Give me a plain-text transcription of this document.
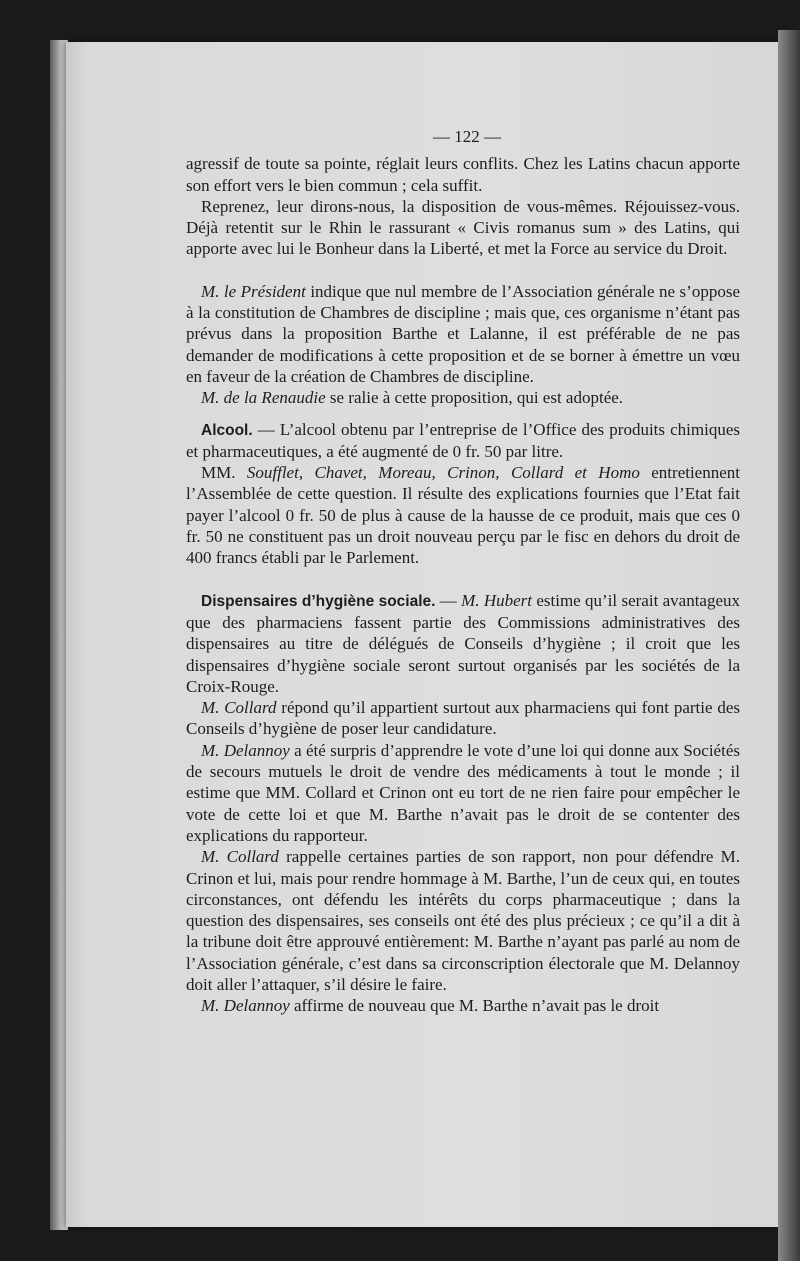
— 122 —

agressif de toute sa pointe, réglait leurs conflits. Chez les Latins chacun apporte son effort vers le bien commun ; cela suffit.

Reprenez, leur dirons-nous, la disposition de vous-mêmes. Réjouissez-vous. Déjà retentit sur le Rhin le rassurant « Civis romanus sum » des Latins, qui apporte avec lui le Bonheur dans la Liberté, et met la Force au service du Droit.

M. le Président indique que nul membre de l’Association générale ne s’oppose à la constitution de Chambres de discipline ; mais que, ces organisme n’étant pas prévus dans la proposition Barthe et Lalanne, il est préférable de ne pas demander de modifications à cette proposition et de se borner à émettre un vœu en faveur de la création de Chambres de discipline.

M. de la Renaudie se ralie à cette proposition, qui est adoptée.

Alcool. — L’alcool obtenu par l’entreprise de l’Office des produits chimiques et pharmaceutiques, a été augmenté de 0 fr. 50 par litre.

MM. Soufflet, Chavet, Moreau, Crinon, Collard et Homo entretiennent l’Assemblée de cette question. Il résulte des explications fournies que l’Etat fait payer l’alcool 0 fr. 50 de plus à cause de la hausse de ce produit, mais que ces 0 fr. 50 ne constituent pas un droit nouveau perçu par le fisc en dehors du droit de 400 francs établi par le Parlement.

Dispensaires d’hygiène sociale. — M. Hubert estime qu’il serait avantageux que des pharmaciens fassent partie des Commissions administratives des dispensaires au titre de délégués de Conseils d’hygiène ; il croit que les dispensaires d’hygiène sociale seront surtout organisés par les sociétés de la Croix-Rouge.

M. Collard répond qu’il appartient surtout aux pharmaciens qui font partie des Conseils d’hygiène de poser leur candidature.

M. Delannoy a été surpris d’apprendre le vote d’une loi qui donne aux Sociétés de secours mutuels le droit de vendre des médicaments à tout le monde ; il estime que MM. Collard et Crinon ont eu tort de ne rien faire pour empêcher le vote de cette loi et que M. Barthe n’avait pas le droit de se contenter des explications du rapporteur.

M. Collard rappelle certaines parties de son rapport, non pour défendre M. Crinon et lui, mais pour rendre hommage à M. Barthe, l’un de ceux qui, en toutes circonstances, ont défendu les intérêts du corps pharmaceutique ; dans la question des dispensaires, ses conseils ont été des plus précieux ; ce qu’il a dit à la tribune doit être approuvé entièrement: M. Barthe n’ayant pas parlé au nom de l’Association générale, c’est dans sa circonscription électorale que M. Delannoy doit aller l’attaquer, s’il désire le faire.

M. Delannoy affirme de nouveau que M. Barthe n’avait pas le droit
